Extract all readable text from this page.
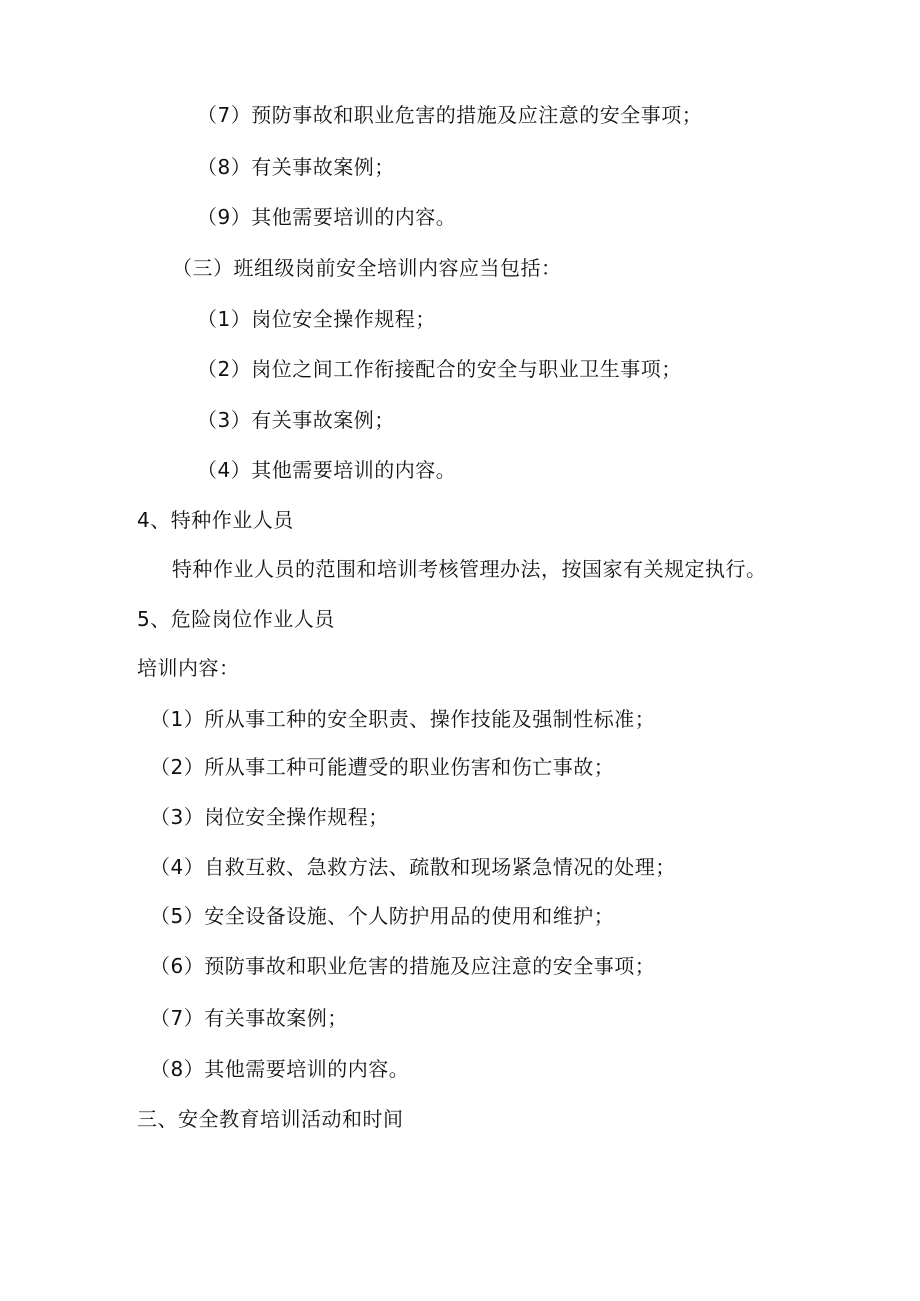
（7）预防事故和职业危害的措施及应注意的安全事项；
（8）有关事故案例；
（9）其他需要培训的内容。
（三）班组级岗前安全培训内容应当包括：
（1）岗位安全操作规程；
（2）岗位之间工作衔接配合的安全与职业卫生事项；
（3）有关事故案例；
（4）其他需要培训的内容。
4、特种作业人员
特种作业人员的范围和培训考核管理办法，按国家有关规定执行。
5、危险岗位作业人员
培训内容：
（1）所从事工种的安全职责、操作技能及强制性标准；
（2）所从事工种可能遭受的职业伤害和伤亡事故；
（3）岗位安全操作规程；
（4）自救互救、急救方法、疏散和现场紧急情况的处理；
（5）安全设备设施、个人防护用品的使用和维护；
（6）预防事故和职业危害的措施及应注意的安全事项；
（7）有关事故案例；
（8）其他需要培训的内容。
三、安全教育培训活动和时间
